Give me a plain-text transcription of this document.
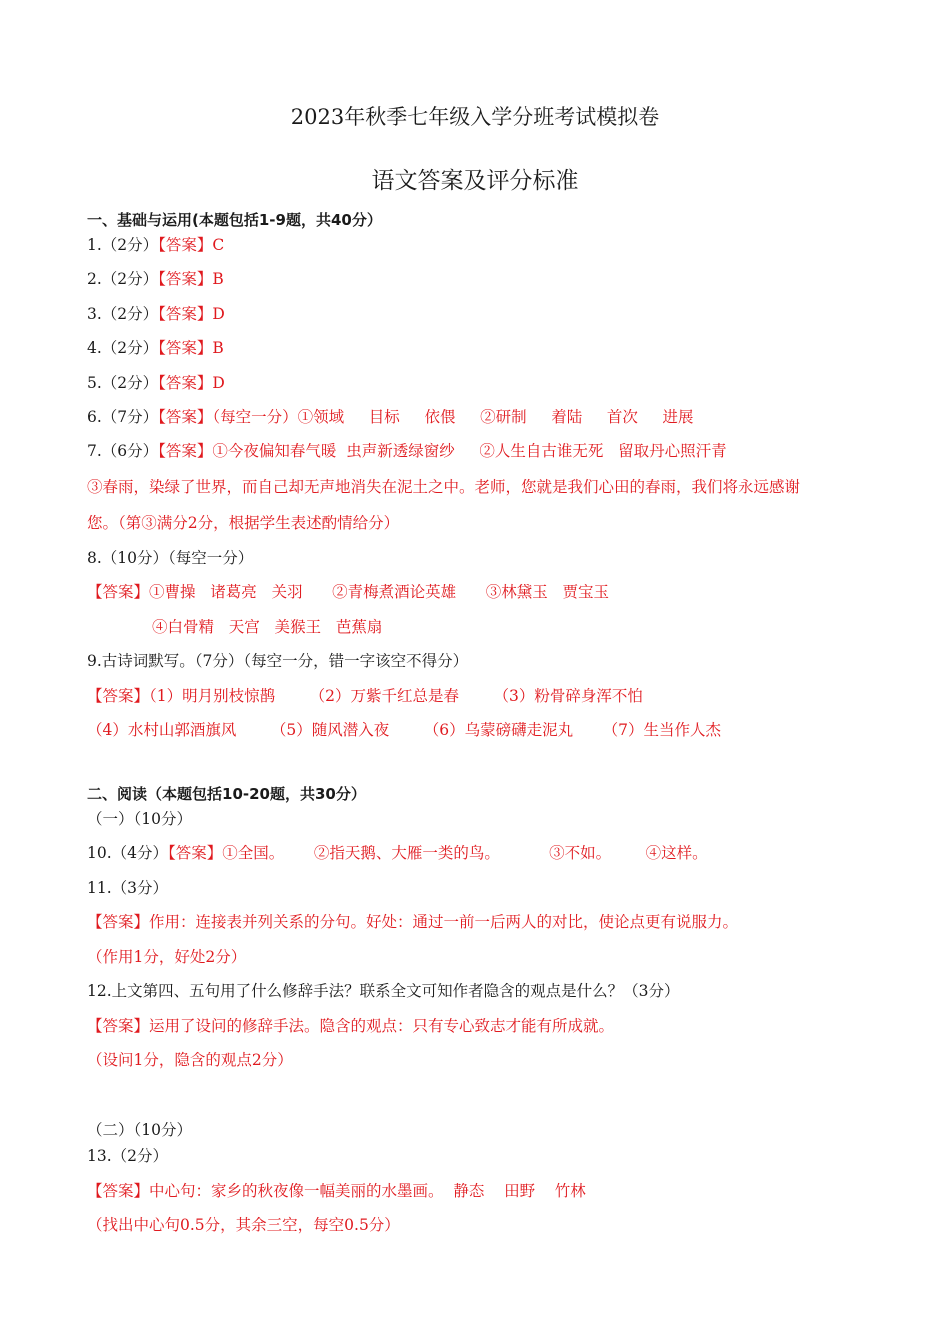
2023年秋季七年级入学分班考试模拟卷
语文答案及评分标准
一、基础与运用(本题包括1-9题，共40分）
1.（2分）【答案】C
2.（2分）【答案】B
3.（2分）【答案】D
4.（2分）【答案】B
5.（2分）【答案】D
6.（7分）【答案】（每空一分）①领域     目标     依偎     ②研制     着陆     首次     进展
7.（6分）【答案】①今夜偏知春气暖  虫声新透绿窗纱     ②人生自古谁无死   留取丹心照汗青
③春雨，染绿了世界，而自己却无声地消失在泥土之中。老师，您就是我们心田的春雨，我们将永远感谢
您。（第③满分2分，根据学生表述酌情给分）
8.（10分）（每空一分）
【答案】①曹操   诸葛亮   关羽      ②青梅煮酒论英雄      ③林黛玉   贾宝玉
④白骨精   天宫   美猴王   芭蕉扇
9.古诗词默写。（7分）（每空一分，错一字该空不得分）
【答案】（1）明月别枝惊鹊       （2）万紫千红总是春       （3）粉骨碎身浑不怕
（4）水村山郭酒旗风       （5）随风潜入夜       （6）乌蒙磅礴走泥丸      （7）生当作人杰
二、阅读（本题包括10-20题，共30分）
（一）（10分）
10.（4分）【答案】①全国。      ②指天鹅、大雁一类的鸟。          ③不如。       ④这样。
11.（3分）
【答案】作用：连接表并列关系的分句。好处：通过一前一后两人的对比，使论点更有说服力。
（作用1分，好处2分）
12.上文第四、五句用了什么修辞手法？联系全文可知作者隐含的观点是什么？（3分）
【答案】运用了设问的修辞手法。隐含的观点：只有专心致志才能有所成就。
（设问1分，隐含的观点2分）
（二）（10分）
13.（2分）
【答案】中心句：家乡的秋夜像一幅美丽的水墨画。  静态    田野    竹林
（找出中心句0.5分，其余三空，每空0.5分）
